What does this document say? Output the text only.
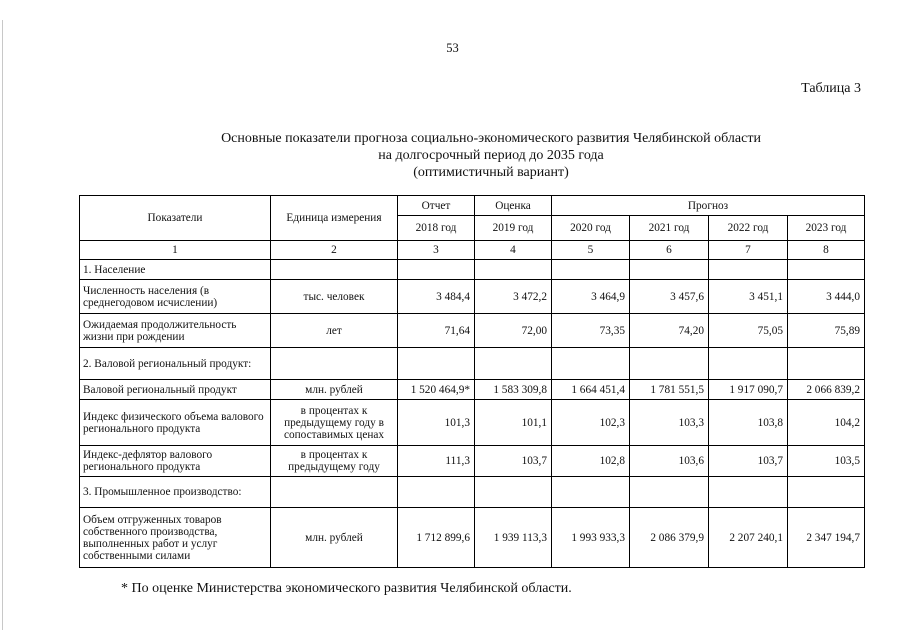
53
Таблица 3
Основные показатели прогноза социально-экономического развития Челябинской области
на долгосрочный период до 2035 года
(оптимистичный вариант)
Показатели	Единица измерения	Отчет	Оценка	Прогноз			
		2018 год	2019 год	2020 год	2021 год	2022 год	2023 год
1	2	3	4	5	6	7	8
1. Население							
Численность населения (в среднегодовом исчислении)	тыс. человек	3 484,4	3 472,2	3 464,9	3 457,6	3 451,1	3 444,0
Ожидаемая продолжительность жизни при рождении	лет	71,64	72,00	73,35	74,20	75,05	75,89
2. Валовой региональный продукт:							
Валовой региональный продукт	млн. рублей	1 520 464,9*	1 583 309,8	1 664 451,4	1 781 551,5	1 917 090,7	2 066 839,2
Индекс физического объема валового регионального продукта	в процентах к предыдущему году в сопоставимых ценах	101,3	101,1	102,3	103,3	103,8	104,2
Индекс-дефлятор валового регионального продукта	в процентах к предыдущему году	111,3	103,7	102,8	103,6	103,7	103,5
3. Промышленное производство:							
Объем отгруженных товаров собственного производства, выполненных работ и услуг собственными силами	млн. рублей	1 712 899,6	1 939 113,3	1 993 933,3	2 086 379,9	2 207 240,1	2 347 194,7
* По оценке Министерства экономического развития Челябинской области.
